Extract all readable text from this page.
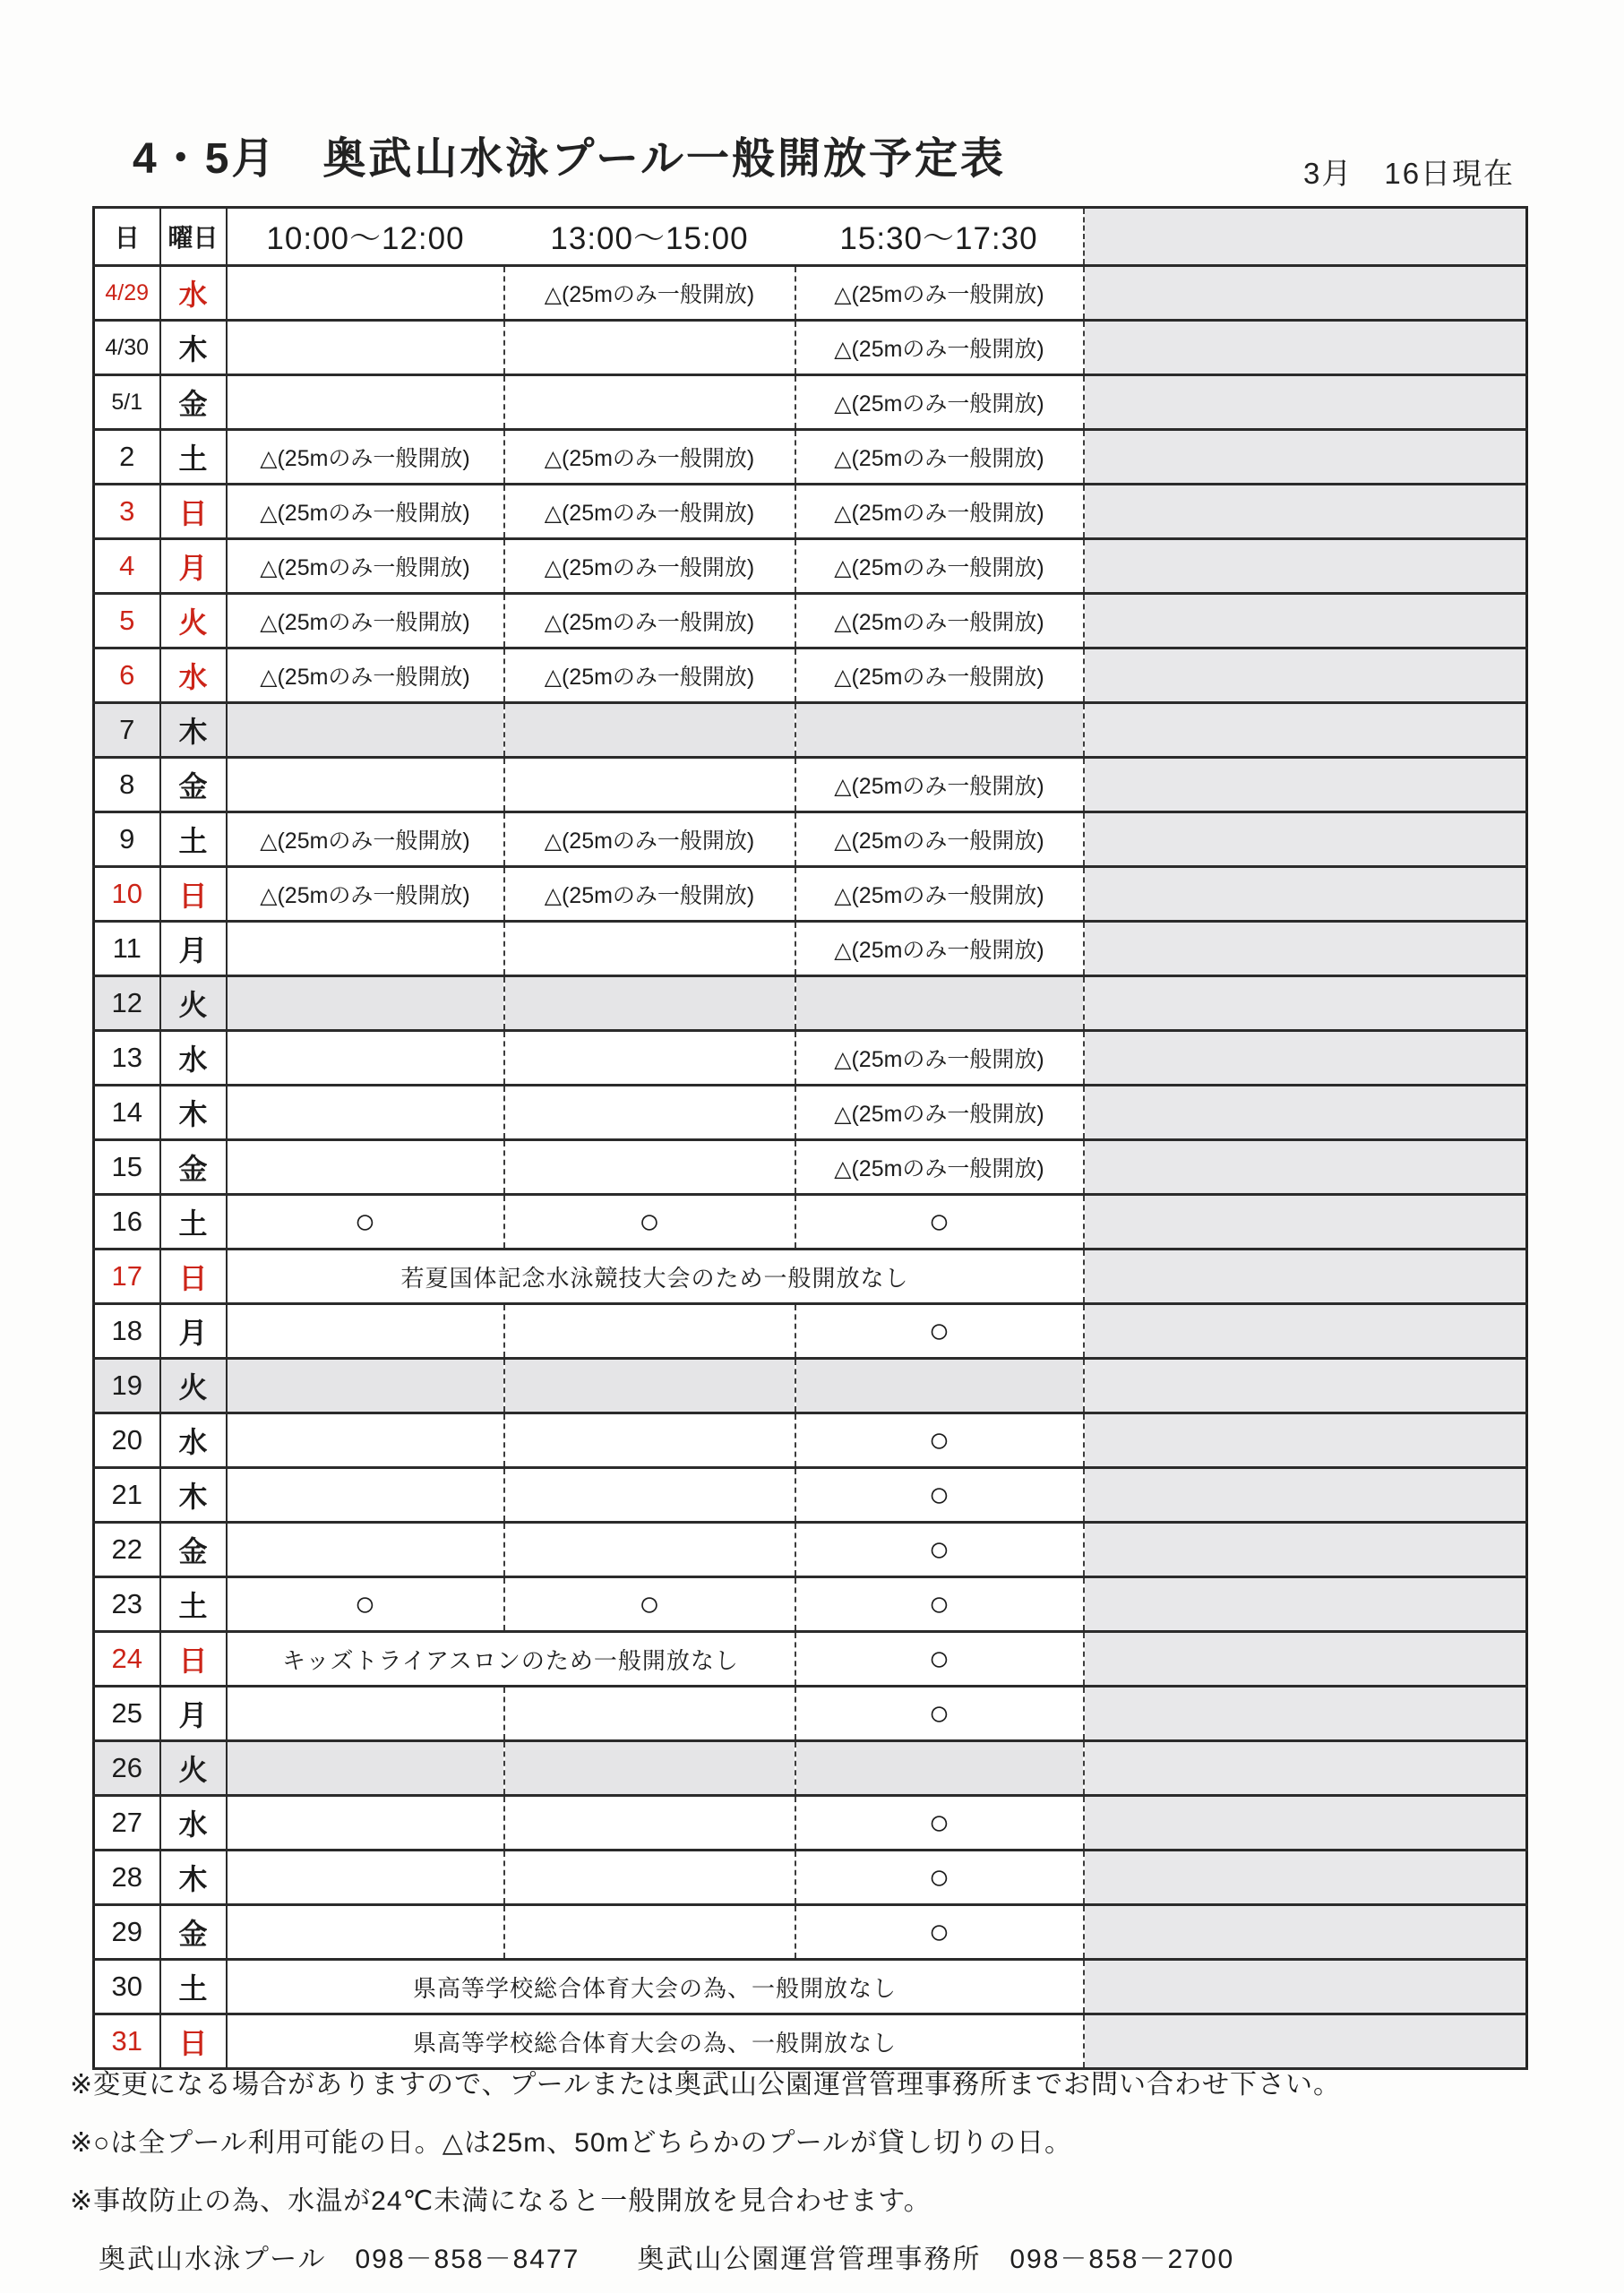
4・5月　奥武山水泳プール一般開放予定表	3月　16日現在
日	曜日	10:00～12:00	13:00～15:00	15:30～17:30	
4/29	水		△(25mのみ一般開放)	△(25mのみ一般開放)	
4/30	木			△(25mのみ一般開放)	
5/1	金			△(25mのみ一般開放)	
2	土	△(25mのみ一般開放)	△(25mのみ一般開放)	△(25mのみ一般開放)	
3	日	△(25mのみ一般開放)	△(25mのみ一般開放)	△(25mのみ一般開放)	
4	月	△(25mのみ一般開放)	△(25mのみ一般開放)	△(25mのみ一般開放)	
5	火	△(25mのみ一般開放)	△(25mのみ一般開放)	△(25mのみ一般開放)	
6	水	△(25mのみ一般開放)	△(25mのみ一般開放)	△(25mのみ一般開放)	
7	木				
8	金			△(25mのみ一般開放)	
9	土	△(25mのみ一般開放)	△(25mのみ一般開放)	△(25mのみ一般開放)	
10	日	△(25mのみ一般開放)	△(25mのみ一般開放)	△(25mのみ一般開放)	
11	月			△(25mのみ一般開放)	
12	火				
13	水			△(25mのみ一般開放)	
14	木			△(25mのみ一般開放)	
15	金			△(25mのみ一般開放)	
16	土	○	○	○	
17	日	若夏国体記念水泳競技大会のため一般開放なし			
18	月			○	
19	火				
20	水			○	
21	木			○	
22	金			○	
23	土	○	○	○	
24	日	キッズトライアスロンのため一般開放なし		○	
25	月			○	
26	火				
27	水			○	
28	木			○	
29	金			○	
30	土	県高等学校総合体育大会の為、一般開放なし			
31	日	県高等学校総合体育大会の為、一般開放なし			
※変更になる場合がありますので、プールまたは奥武山公園運営管理事務所までお問い合わせ下さい。
※○は全プール利用可能の日。△は25m、50mどちらかのプールが貸し切りの日。
※事故防止の為、水温が24℃未満になると一般開放を見合わせます。
奥武山水泳プール　098－858－8477　　奥武山公園運営管理事務所　098－858－2700
